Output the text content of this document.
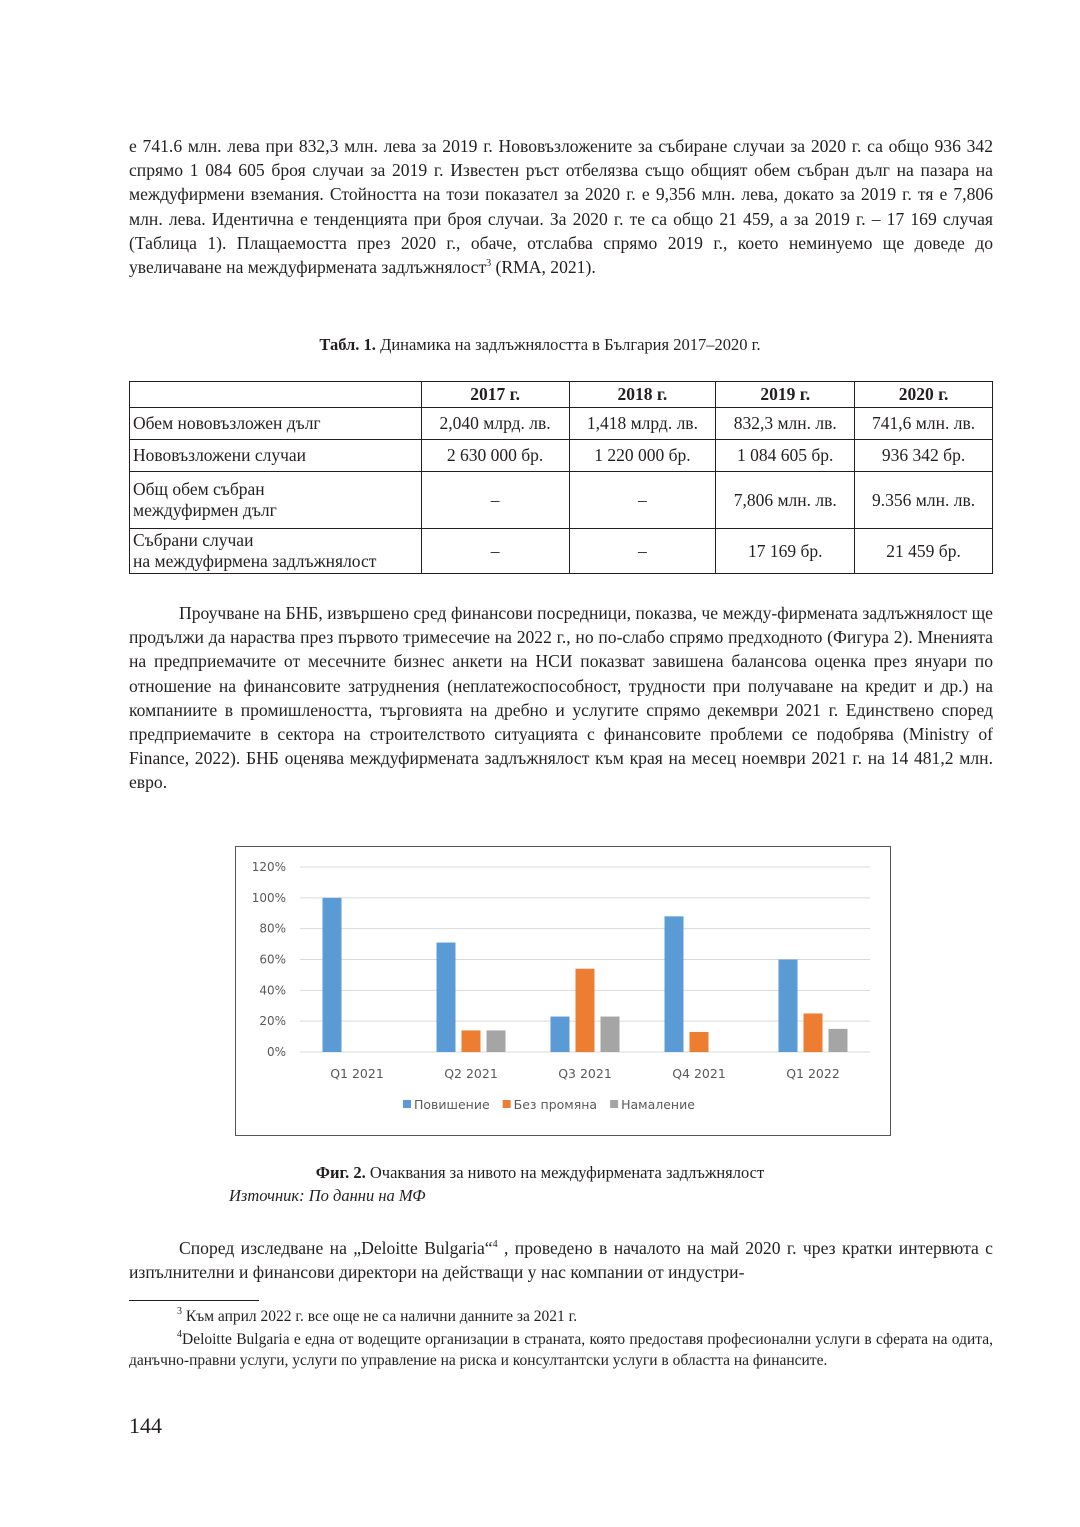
е 741.6 млн. лева при 832,3 млн. лева за 2019 г. Нововъзложените за събиране случаи за 2020 г. са общо 936 342 спрямо 1 084 605 броя случаи за 2019 г. Известен ръст отбелязва също общият обем събран дълг на пазара на междуфирмени вземания. Стойността на този показател за 2020 г. е 9,356 млн. лева, докато за 2019 г. тя е 7,806 млн. лева. Идентична е тенденцията при броя случаи. За 2020 г. те са общо 21 459, а за 2019 г. – 17 169 случая (Таблица 1). Плащаемостта през 2020 г., обаче, отслабва спрямо 2019 г., което неминуемо ще доведе до увеличаване на междуфирмената задлъжнялост$^3$ (RMA, 2021).

Табл. 1. Динамика на задлъжнялостта в България 2017–2020 г.
	2017 г.	2018 г.	2019 г.	2020 г.
Обем нововъзложен дълг	2,040 млрд. лв.	1,418 млрд. лв.	832,3 млн. лв.	741,6 млн. лв.
Нововъзложени случаи	2 630 000 бр.	1 220 000 бр.	1 084 605 бр.	936 342 бр.
Общ обем събран
междуфирмен дълг	–	–	7,806 млн. лв.	9.356 млн. лв.
Събрани случаи
на междуфирмена задлъжнялост	–	–	17 169 бр.	21 459 бр.

Проучване на БНБ, извършено сред финансови посредници, показва, че между-фирмената задлъжнялост ще продължи да нараства през първото тримесечие на 2022 г., но по-слабо спрямо предходното (Фигура 2). Мненията на предприемачите от месечните бизнес анкети на НСИ показват завишена балансова оценка през януари по отношение на финансовите затруднения (неплатежоспособност, трудности при получаване на кредит и др.) на компаниите в промишлеността, търговията на дребно и услугите спрямо декември 2021 г. Единствено според предприемачите в сектора на строителството ситуацията с финансовите проблеми се подобрява (Ministry of Finance, 2022). БНБ оценява междуфирмената задлъжнялост към края на месец ноември 2021 г. на 14 481,2 млн. евро.

0%
20%
40%
60%
80%
100%
120%
Q1 2021	Q2 2021	Q3 2021	Q4 2021	Q1 2022
Повишение Без промяна Намаление
Фиг. 2. Очаквания за нивото на междуфирмената задлъжнялост
Източник: По данни на МФ

Според изследване на „Deloitte Bulgaria“$^4$ , проведено в началото на май 2020 г. чрез кратки интервюта с изпълнителни и финансови директори на действащи у нас компании от индустри-

$^3$ Към април 2022 г. все още не са налични данните за 2021 г.

$^4$Deloitte Bulgaria е една от водещите организации в страната, която предоставя професионални услуги в сферата на одита, данъчно-правни услуги, услуги по управление на риска и консултантски услуги в областта на финансите.

144
